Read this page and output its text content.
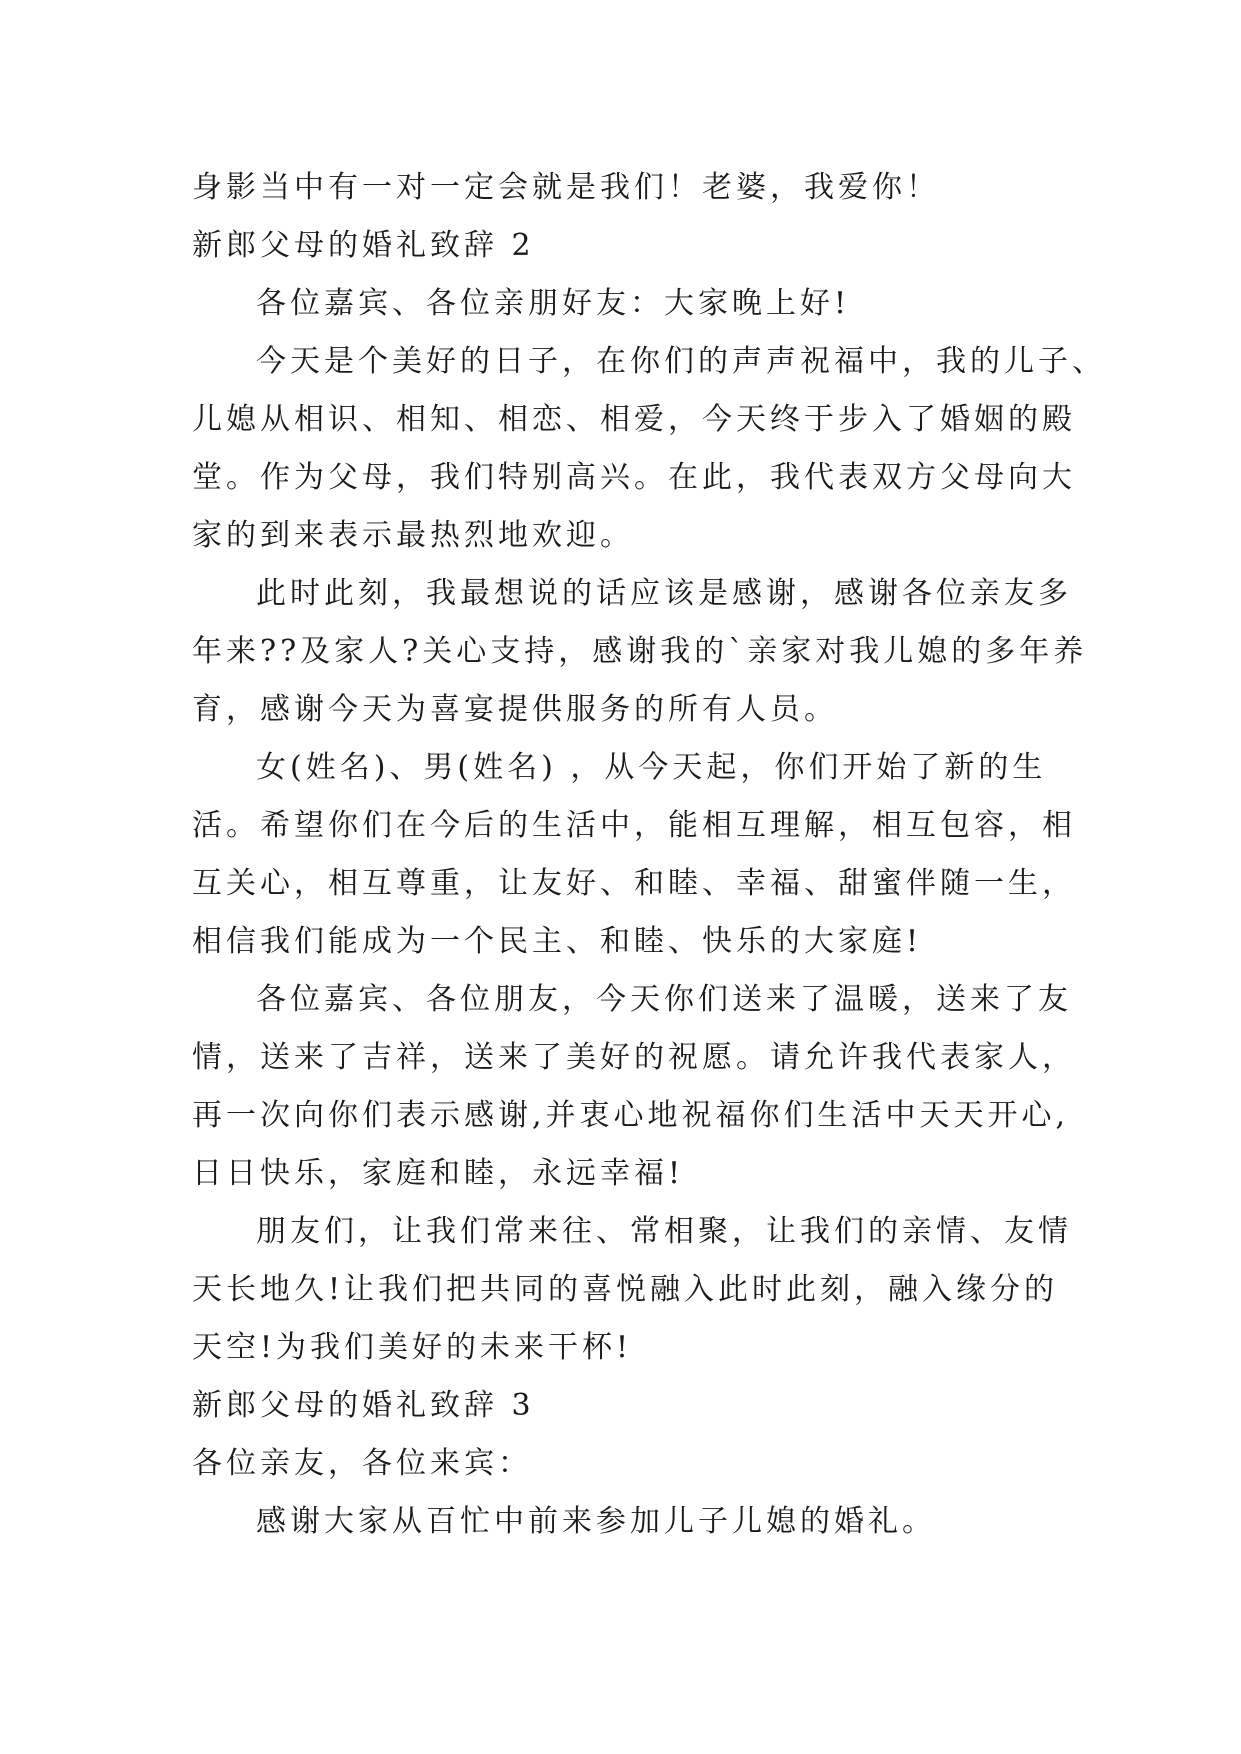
身影当中有一对一定会就是我们！老婆，我爱你！

新郎父母的婚礼致辞 2

各位嘉宾、各位亲朋好友：大家晚上好!

今天是个美好的日子，在你们的声声祝福中，我的儿子、

儿媳从相识、相知、相恋、相爱，今天终于步入了婚姻的殿

堂。作为父母，我们特别高兴。在此，我代表双方父母向大

家的到来表示最热烈地欢迎。

此时此刻，我最想说的话应该是感谢，感谢各位亲友多

年来??及家人?关心支持，感谢我的`亲家对我儿媳的多年养

育，感谢今天为喜宴提供服务的所有人员。

女(姓名)、男(姓名) ，从今天起，你们开始了新的生

活。希望你们在今后的生活中，能相互理解，相互包容，相

互关心，相互尊重，让友好、和睦、幸福、甜蜜伴随一生，

相信我们能成为一个民主、和睦、快乐的大家庭!

各位嘉宾、各位朋友，今天你们送来了温暖，送来了友

情，送来了吉祥，送来了美好的祝愿。请允许我代表家人，

再一次向你们表示感谢,并衷心地祝福你们生活中天天开心,

日日快乐，家庭和睦，永远幸福!

朋友们，让我们常来往、常相聚，让我们的亲情、友情

天长地久!让我们把共同的喜悦融入此时此刻，融入缘分的

天空!为我们美好的未来干杯!

新郎父母的婚礼致辞 3

各位亲友，各位来宾：

感谢大家从百忙中前来参加儿子儿媳的婚礼。
